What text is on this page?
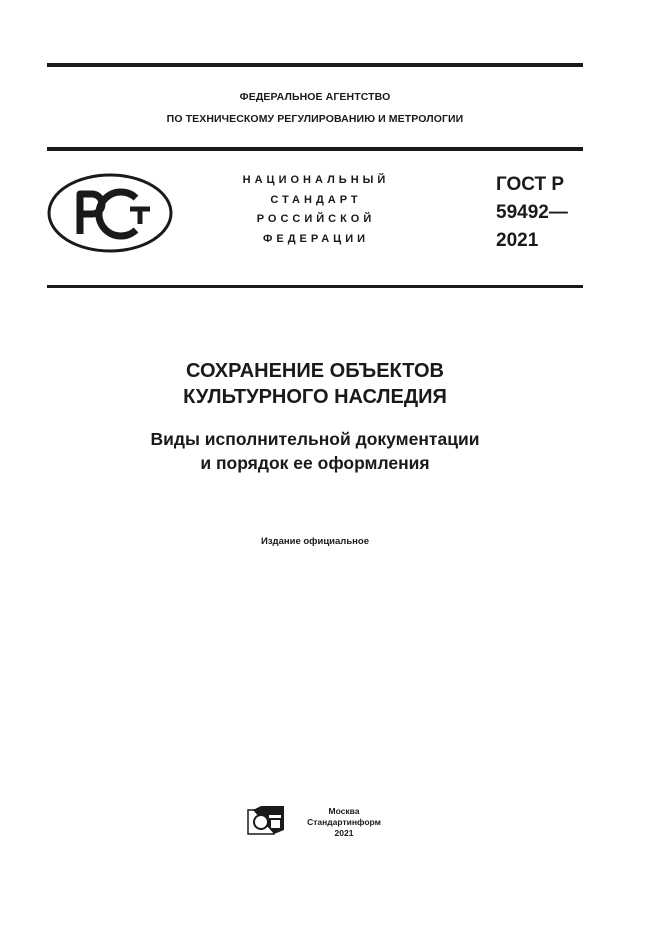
ФЕДЕРАЛЬНОЕ АГЕНТСТВО
ПО ТЕХНИЧЕСКОМУ РЕГУЛИРОВАНИЮ И МЕТРОЛОГИИ
НАЦИОНАЛЬНЫЙ
СТАНДАРТ
РОССИЙСКОЙ
ФЕДЕРАЦИИ
ГОСТ Р
59492—
2021
СОХРАНЕНИЕ ОБЪЕКТОВ
КУЛЬТУРНОГО НАСЛЕДИЯ
Виды исполнительной документации
и порядок ее оформления
Издание официальное
Москва
Стандартинформ
2021
